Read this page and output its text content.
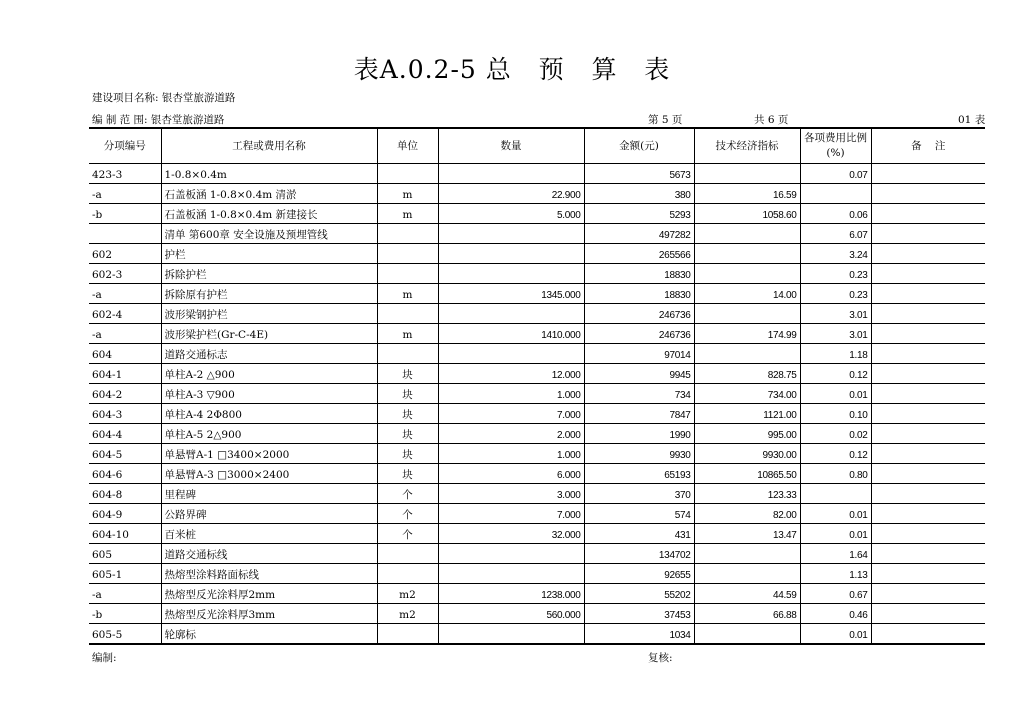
表A.0.2-5 总   预   算   表
建设项目名称: 银杏堂旅游道路
编 制 范 围: 银杏堂旅游道路	第 5 页	共 6 页	01 表
分项编号	工程或费用名称	单位	数量	金额(元)	技术经济指标	各项费用比例
(%)	备    注
423-3	1-0.8×0.4m			5673		0.07	
-a	石盖板涵 1-0.8×0.4m 清淤	m	22.900	380	16.59		
-b	石盖板涵 1-0.8×0.4m 新建接长	m	5.000	5293	1058.60	0.06	
	清单 第600章 安全设施及预埋管线			497282		6.07	
602	护栏			265566		3.24	
602-3	拆除护栏			18830		0.23	
-a	拆除原有护栏	m	1345.000	18830	14.00	0.23	
602-4	波形梁钢护栏			246736		3.01	
-a	波形梁护栏(Gr-C-4E)	m	1410.000	246736	174.99	3.01	
604	道路交通标志			97014		1.18	
604-1	单柱A-2 △900	块	12.000	9945	828.75	0.12	
604-2	单柱A-3 ▽900	块	1.000	734	734.00	0.01	
604-3	单柱A-4 2Φ800	块	7.000	7847	1121.00	0.10	
604-4	单柱A-5 2△900	块	2.000	1990	995.00	0.02	
604-5	单悬臂A-1 □3400×2000	块	1.000	9930	9930.00	0.12	
604-6	单悬臂A-3 □3000×2400	块	6.000	65193	10865.50	0.80	
604-8	里程碑	个	3.000	370	123.33		
604-9	公路界碑	个	7.000	574	82.00	0.01	
604-10	百米桩	个	32.000	431	13.47	0.01	
605	道路交通标线			134702		1.64	
605-1	热熔型涂料路面标线			92655		1.13	
-a	热熔型反光涂料厚2mm	m2	1238.000	55202	44.59	0.67	
-b	热熔型反光涂料厚3mm	m2	560.000	37453	66.88	0.46	
605-5	轮廓标			1034		0.01	
编制:	复核:
